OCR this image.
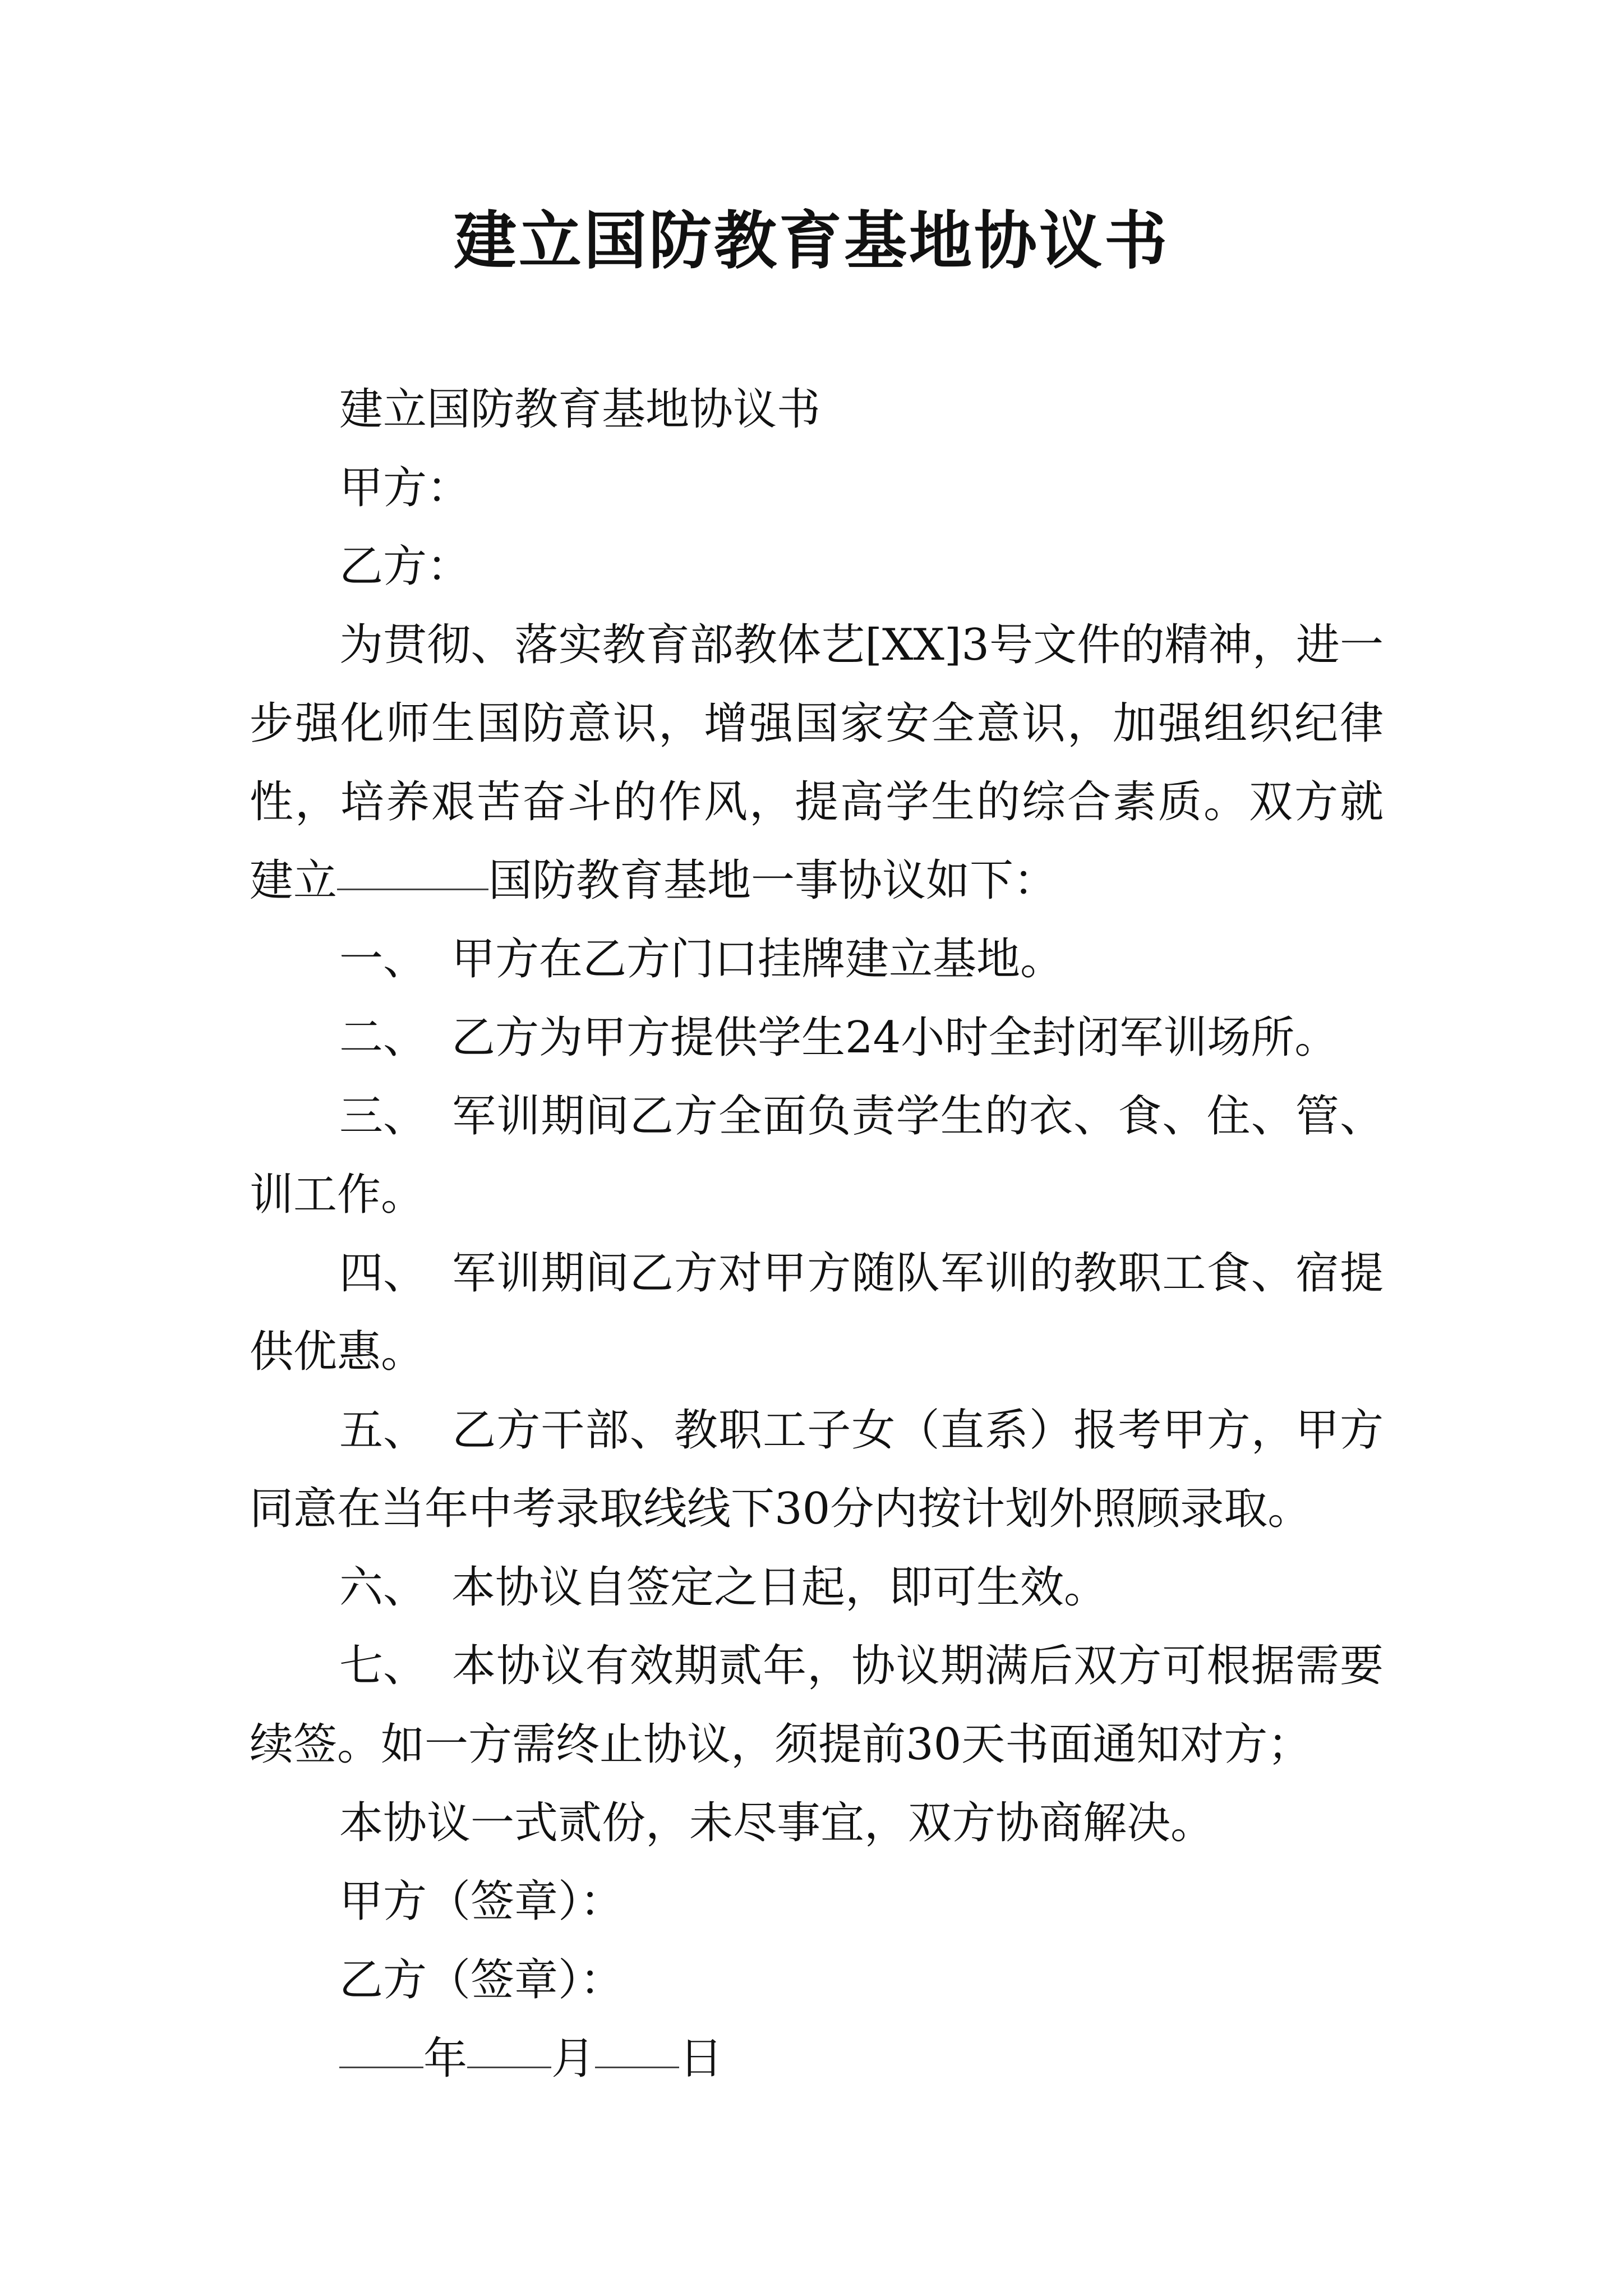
建立国防教育基地协议书

建立国防教育基地协议书

甲方：

乙方：

为贯彻、落实教育部教体艺[XX]3号文件的精神，进一步强化师生国防意识，增强国家安全意识，加强组织纪律性，培养艰苦奋斗的作风，提高学生的综合素质。双方就建立	国防教育基地一事协议如下：

一、 甲方在乙方门口挂牌建立基地。

二、 乙方为甲方提供学生24小时全封闭军训场所。

三、 军训期间乙方全面负责学生的衣、食、住、管、训工作。

四、 军训期间乙方对甲方随队军训的教职工食、宿提供优惠。

五、 乙方干部、教职工子女（直系）报考甲方，甲方同意在当年中考录取线线下30分内按计划外照顾录取。

六、 本协议自签定之日起，即可生效。

七、 本协议有效期贰年，协议期满后双方可根据需要续签。如一方需终止协议，须提前30天书面通知对方；

本协议一式贰份，未尽事宜，双方协商解决。

甲方（签章）：

乙方（签章）：

年 月 日
